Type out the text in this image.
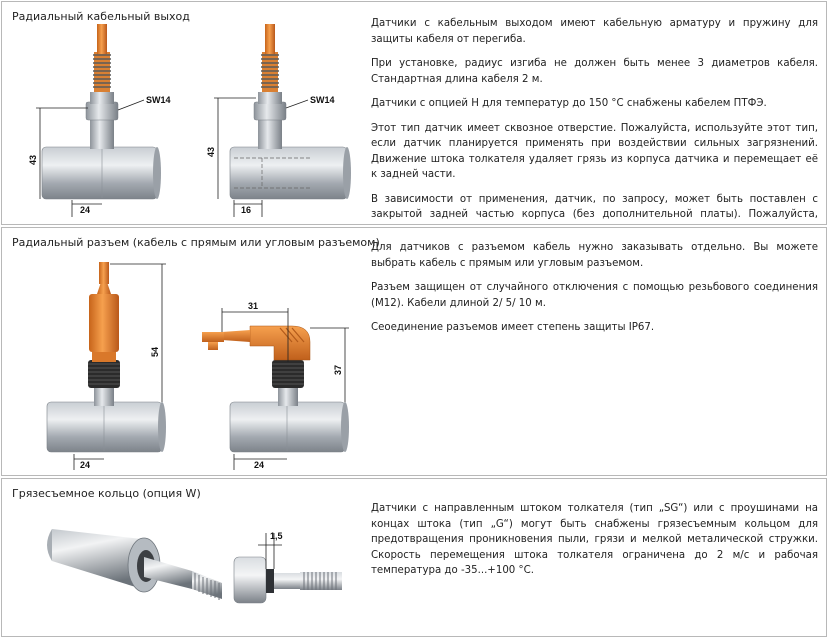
Радиальный кабельный выход
43
24
SW14
43
16
SW14

Датчики с кабельным выходом имеют кабельную арматуру и пружину для защиты кабеля от перегиба.

При установке, радиус изгиба не должен быть менее 3 диаметров кабеля. Стандартная длина кабеля 2 м.

Датчики с опцией H для температур до 150 °C снабжены кабелем ПТФЭ.

Этот тип датчик имеет сквозное отверстие. Пожалуйста, используйте этот тип, если датчик планируется применять при воздействии сильных загрязнений. Движение штока толкателя удаляет грязь из корпуса датчика и перемещает её к задней части.

В зависимости от применения, датчик, по запросу, может быть поставлен с закрытой задней частью корпуса (без дополнительной платы). Пожалуйста,

Радиальный разъем (кабель с прямым или угловым разъемом)
54
24
31
37
24

Для датчиков с разъемом кабель нужно заказывать отдельно. Вы можете выбрать кабель с прямым или угловым разъемом.

Разъем защищен от случайного отключения с помощью резьбового соединения (M12). Кабели длиной 2/ 5/ 10 м.

Сеоединение разъемов имеет степень защиты IP67.

Грязесъемное кольцо (опция W)
1,5

Датчики с направленным штоком толкателя (тип „SG“) или с проушинами на концах штока (тип „G“) могут быть снабжены грязесъемным кольцом для предотвращения проникновения пыли, грязи и мелкой металической стружки. Скорость перемещения штока толкателя ограничена до 2 м/с и рабочая температура до -35...+100 °C.
